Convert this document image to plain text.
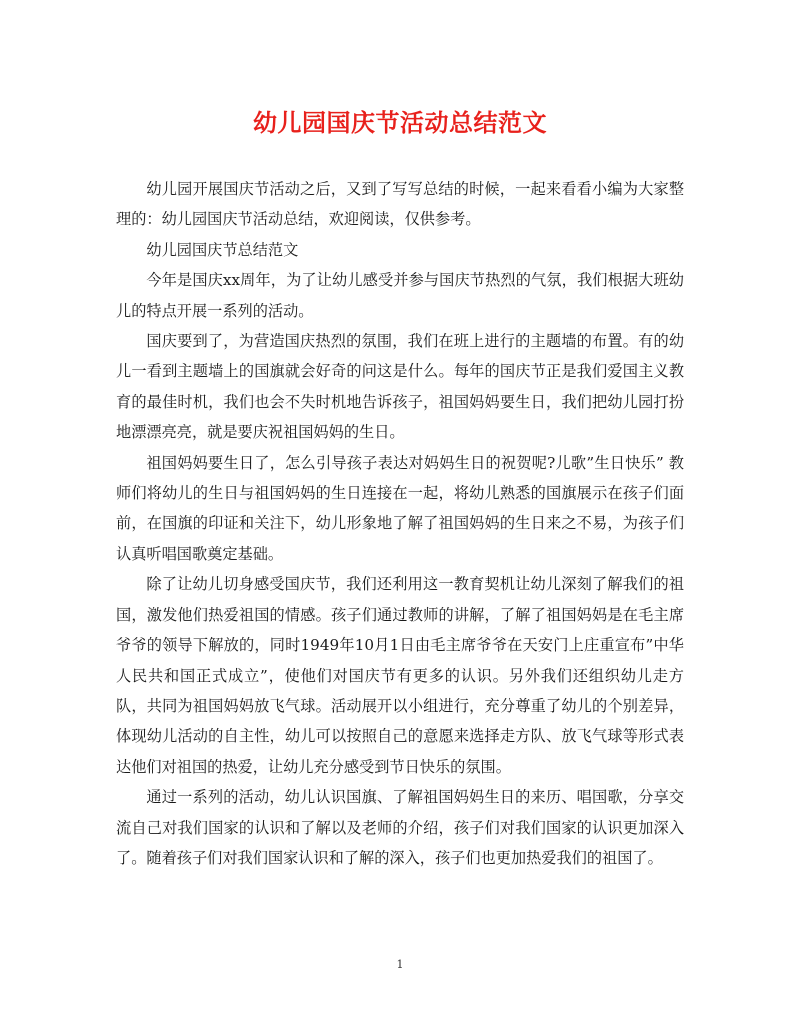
幼儿园国庆节活动总结范文

幼儿园开展国庆节活动之后，又到了写写总结的时候，一起来看看小编为大家整理的：幼儿园国庆节活动总结，欢迎阅读，仅供参考。

幼儿园国庆节总结范文

今年是国庆xx周年，为了让幼儿感受并参与国庆节热烈的气氛，我们根据大班幼儿的特点开展一系列的活动。

国庆要到了，为营造国庆热烈的氛围，我们在班上进行的主题墙的布置。有的幼儿一看到主题墙上的国旗就会好奇的问这是什么。每年的国庆节正是我们爱国主义教育的最佳时机，我们也会不失时机地告诉孩子，祖国妈妈要生日，我们把幼儿园打扮地漂漂亮亮，就是要庆祝祖国妈妈的生日。

祖国妈妈要生日了，怎么引导孩子表达对妈妈生日的祝贺呢?儿歌”生日快乐” 教师们将幼儿的生日与祖国妈妈的生日连接在一起，将幼儿熟悉的国旗展示在孩子们面前，在国旗的印证和关注下，幼儿形象地了解了祖国妈妈的生日来之不易，为孩子们认真听唱国歌奠定基础。

除了让幼儿切身感受国庆节，我们还利用这一教育契机让幼儿深刻了解我们的祖国，激发他们热爱祖国的情感。孩子们通过教师的讲解，了解了祖国妈妈是在毛主席爷爷的领导下解放的，同时1949年10月1日由毛主席爷爷在天安门上庄重宣布”中华人民共和国正式成立”，使他们对国庆节有更多的认识。另外我们还组织幼儿走方队，共同为祖国妈妈放飞气球。活动展开以小组进行，充分尊重了幼儿的个别差异，体现幼儿活动的自主性，幼儿可以按照自己的意愿来选择走方队、放飞气球等形式表达他们对祖国的热爱，让幼儿充分感受到节日快乐的氛围。

通过一系列的活动，幼儿认识国旗、了解祖国妈妈生日的来历、唱国歌，分享交流自己对我们国家的认识和了解以及老师的介绍，孩子们对我们国家的认识更加深入了。随着孩子们对我们国家认识和了解的深入，孩子们也更加热爱我们的祖国了。

1
